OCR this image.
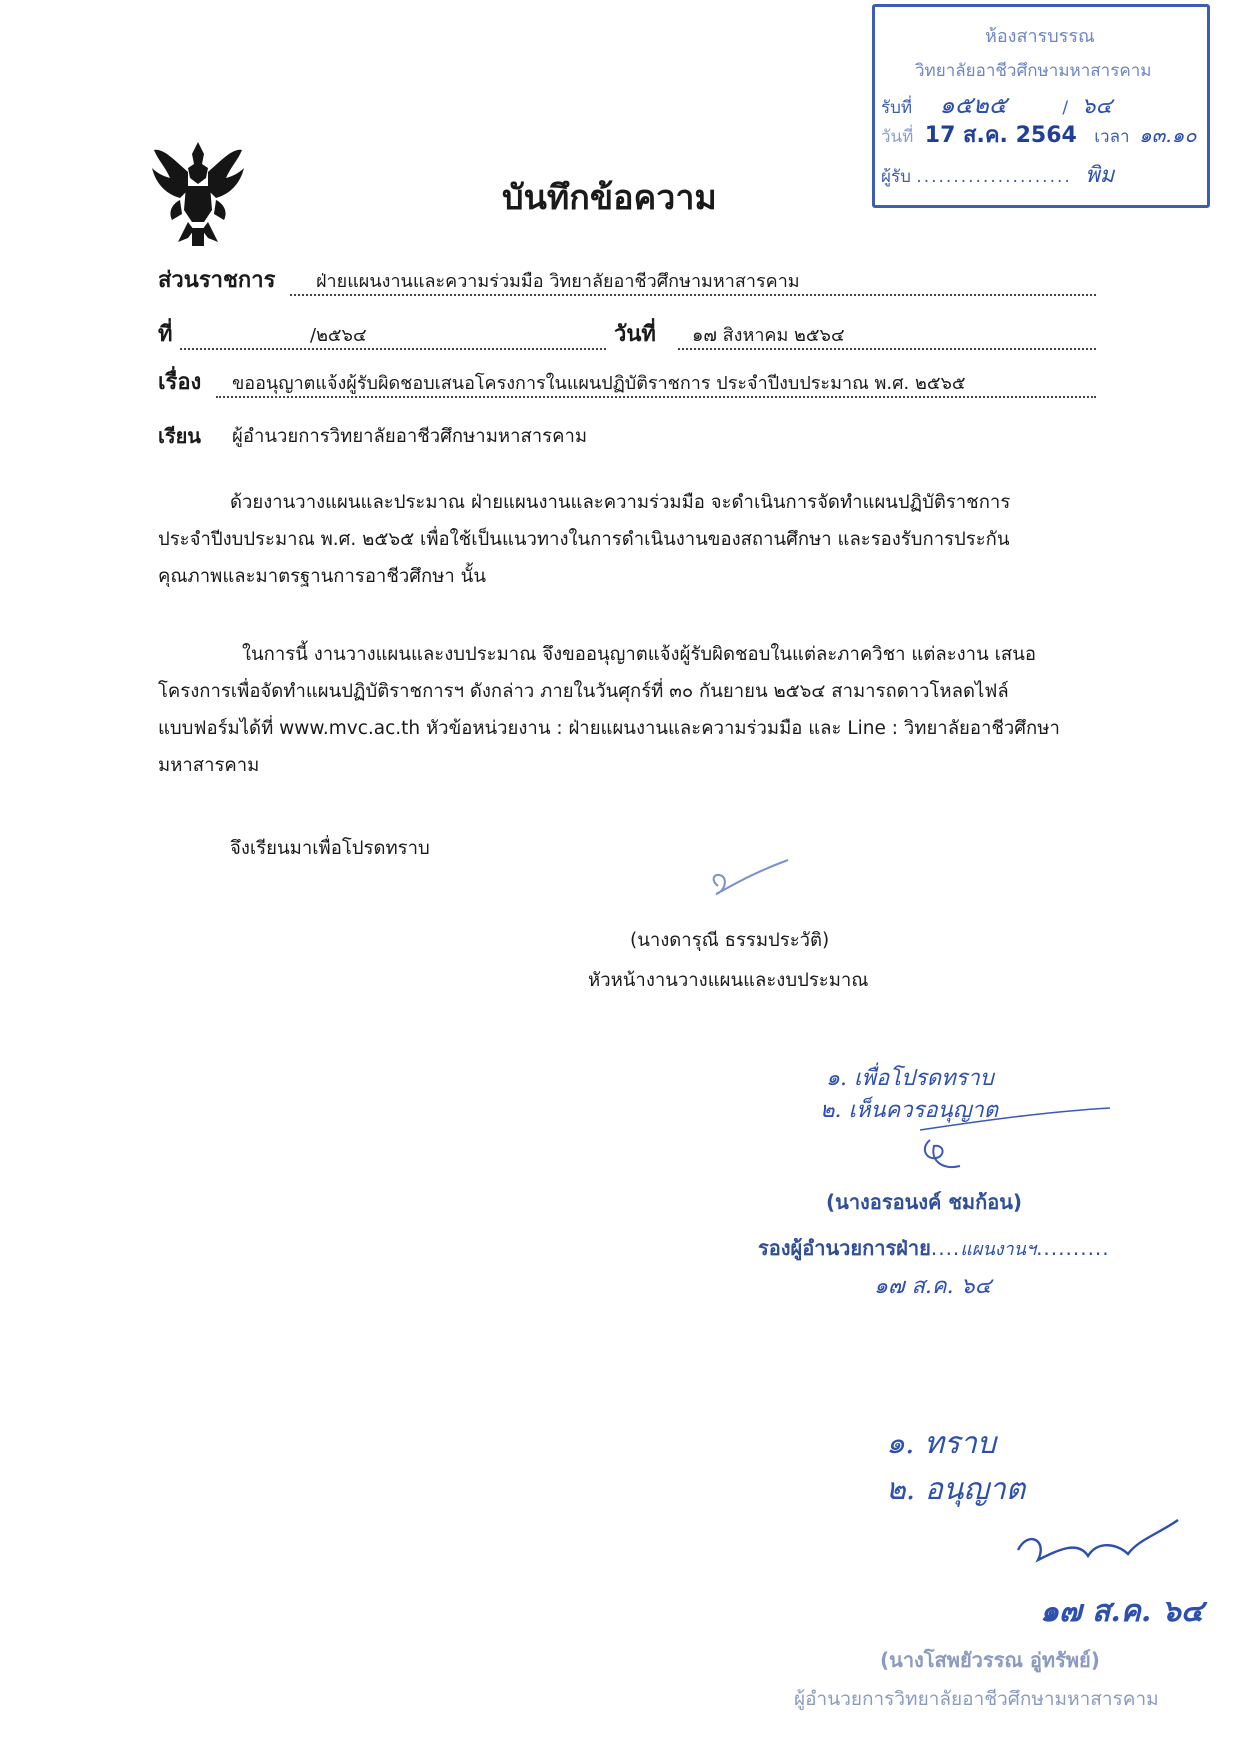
ห้องสารบรรณ
วิทยาลัยอาชีวศึกษามหาสารคาม
รับที่ ๑๕๒๕	/ ๖๔
วันที่ 17 ส.ค. 2564 เวลา ๑๓.๑๐
ผู้รับ ..................... พิม
บันทึกข้อความ
ส่วนราชการ ฝ่ายแผนงานและความร่วมมือ วิทยาลัยอาชีวศึกษามหาสารคาม
ที่	/๒๕๖๔	วันที่ ๑๗ สิงหาคม ๒๕๖๔
เรื่อง ขออนุญาตแจ้งผู้รับผิดชอบเสนอโครงการในแผนปฏิบัติราชการ ประจำปีงบประมาณ พ.ศ. ๒๕๖๕
เรียน ผู้อำนวยการวิทยาลัยอาชีวศึกษามหาสารคาม
ด้วยงานวางแผนและประมาณ ฝ่ายแผนงานและความร่วมมือ จะดำเนินการจัดทำแผนปฏิบัติราชการ
ประจำปีงบประมาณ พ.ศ. ๒๕๖๕ เพื่อใช้เป็นแนวทางในการดำเนินงานของสถานศึกษา และรองรับการประกัน
คุณภาพและมาตรฐานการอาชีวศึกษา นั้น
ในการนี้ งานวางแผนและงบประมาณ จึงขออนุญาตแจ้งผู้รับผิดชอบในแต่ละภาควิชา แต่ละงาน เสนอ
โครงการเพื่อจัดทำแผนปฏิบัติราชการฯ ดังกล่าว ภายในวันศุกร์ที่ ๓๐ กันยายน ๒๕๖๔ สามารถดาวโหลดไฟล์
แบบฟอร์มได้ที่ www.mvc.ac.th หัวข้อหน่วยงาน : ฝ่ายแผนงานและความร่วมมือ และ Line : วิทยาลัยอาชีวศึกษา
มหาสารคาม
จึงเรียนมาเพื่อโปรดทราบ
(นางดารุณี ธรรมประวัติ)
หัวหน้างานวางแผนและงบประมาณ
๑. เพื่อโปรดทราบ
๒. เห็นควรอนุญาต
(นางอรอนงค์ ชมก้อน)
รองผู้อำนวยการฝ่าย....แผนงานฯ..........
๑๗ ส.ค. ๖๔
๑. ทราบ
๒. อนุญาต
๑๗ ส.ค. ๖๔
(นางโสพยัวรรณ อู่ทรัพย์)
ผู้อำนวยการวิทยาลัยอาชีวศึกษามหาสารคาม
